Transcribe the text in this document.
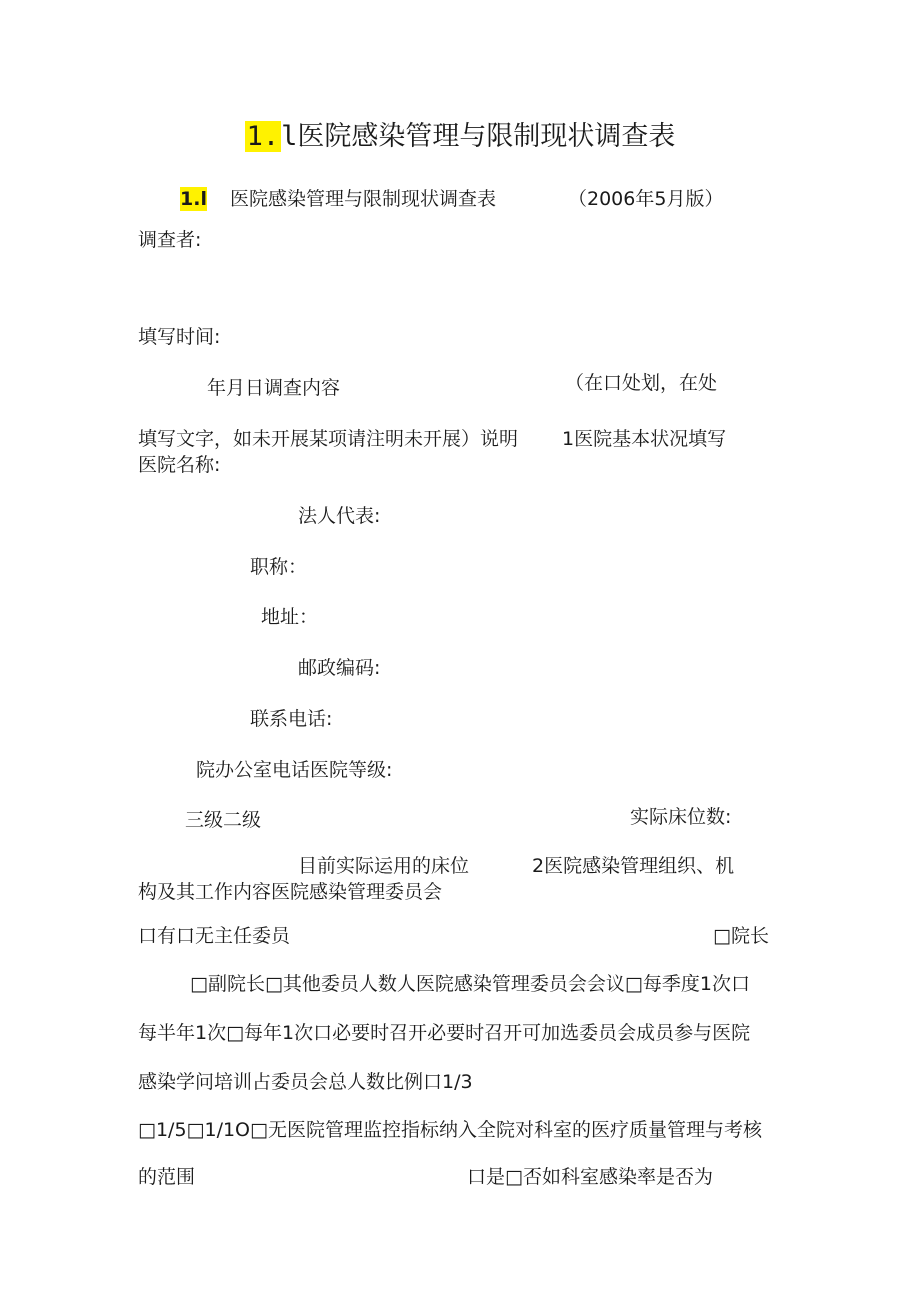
1.l医院感染管理与限制现状调查表
1.l 医院感染管理与限制现状调查表	（2006年5月版）
调查者:
填写时间:
年月日调查内容	（在口处划，在处
填写文字，如未开展某项请注明未开展）说明 1医院基本状况填写
医院名称:
法人代表:
职称：
地址：
邮政编码:
联系电话:
院办公室电话医院等级:
三级二级	实际床位数:
目前实际运用的床位	2医院感染管理组织、机
构及其工作内容医院感染管理委员会
口有口无主任委员	□院长
□副院长□其他委员人数人医院感染管理委员会会议□每季度1次口
每半年1次□每年1次口必要时召开必要时召开可加选委员会成员参与医院
感染学问培训占委员会总人数比例口1/3
□1/5□1/1O□无医院管理监控指标纳入全院对科室的医疗质量管理与考核
的范围	口是□否如科室感染率是否为
